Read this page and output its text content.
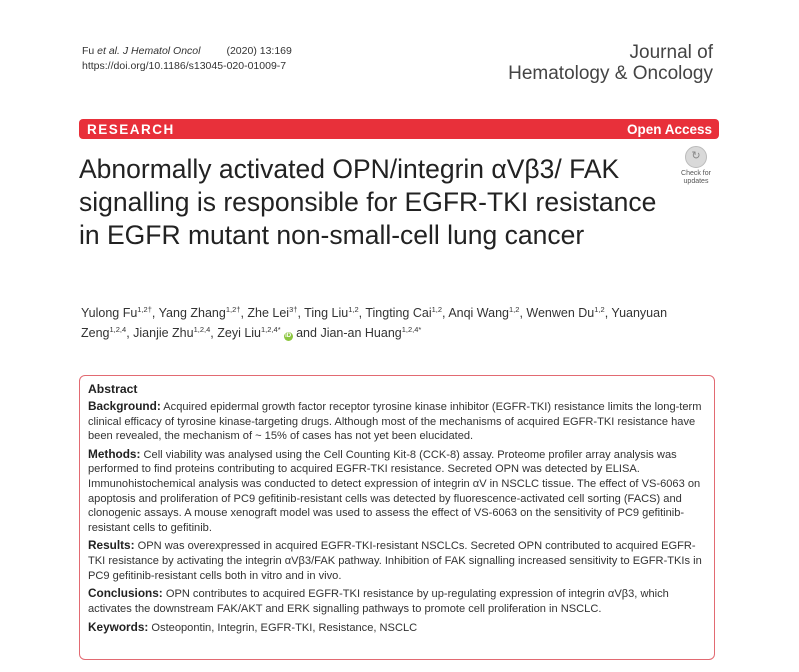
Fu et al. J Hematol Oncol (2020) 13:169
https://doi.org/10.1186/s13045-020-01009-7
Journal of
Hematology & Oncology
RESEARCH	Open Access
↻
Check for
updates
Abnormally activated OPN/integrin αVβ3/ FAK signalling is responsible for EGFR-TKI resistance in EGFR mutant non-small-cell lung cancer
Yulong $Fu^{1,2\dagger}$, Yang Zhang$^{1,2\dagger}$, Zhe Lei$^{3\dagger}$, Ting Liu$^{1,2}$, Tingting Cai$^{1,2}$, Anqi Wang$^{1,2}$, Wenwen Du$^{1,2}$, Yuanyuan Zeng$^{1,2,4}$, Jianjie Zhu$^{1,2,4}$, Zeyi Liu$^{1,2,4*}$iD and Jian-an Huang$^{1,2,4*}$
Abstract

Background: Acquired epidermal growth factor receptor tyrosine kinase inhibitor (EGFR-TKI) resistance limits the long-term clinical efficacy of tyrosine kinase-targeting drugs. Although most of the mechanisms of acquired EGFR-TKI resistance have been revealed, the mechanism of ~ 15% of cases has not yet been elucidated.

Methods: Cell viability was analysed using the Cell Counting Kit-8 (CCK-8) assay. Proteome profiler array analysis was performed to find proteins contributing to acquired EGFR-TKI resistance. Secreted OPN was detected by ELISA. Immunohistochemical analysis was conducted to detect expression of integrin αV in NSCLC tissue. The effect of VS-6063 on apoptosis and proliferation of PC9 gefitinib-resistant cells was detected by fluorescence-activated cell sorting (FACS) and clonogenic assays. A mouse xenograft model was used to assess the effect of VS-6063 on the sensitivity of PC9 gefitinib-resistant cells to gefitinib.

Results: OPN was overexpressed in acquired EGFR-TKI-resistant NSCLCs. Secreted OPN contributed to acquired EGFR-TKI resistance by activating the integrin αVβ3/FAK pathway. Inhibition of FAK signalling increased sensitivity to EGFR-TKIs in PC9 gefitinib-resistant cells both in vitro and in vivo.

Conclusions: OPN contributes to acquired EGFR-TKI resistance by up-regulating expression of integrin αVβ3, which activates the downstream FAK/AKT and ERK signalling pathways to promote cell proliferation in NSCLC.

Keywords: Osteopontin, Integrin, EGFR-TKI, Resistance, NSCLC
